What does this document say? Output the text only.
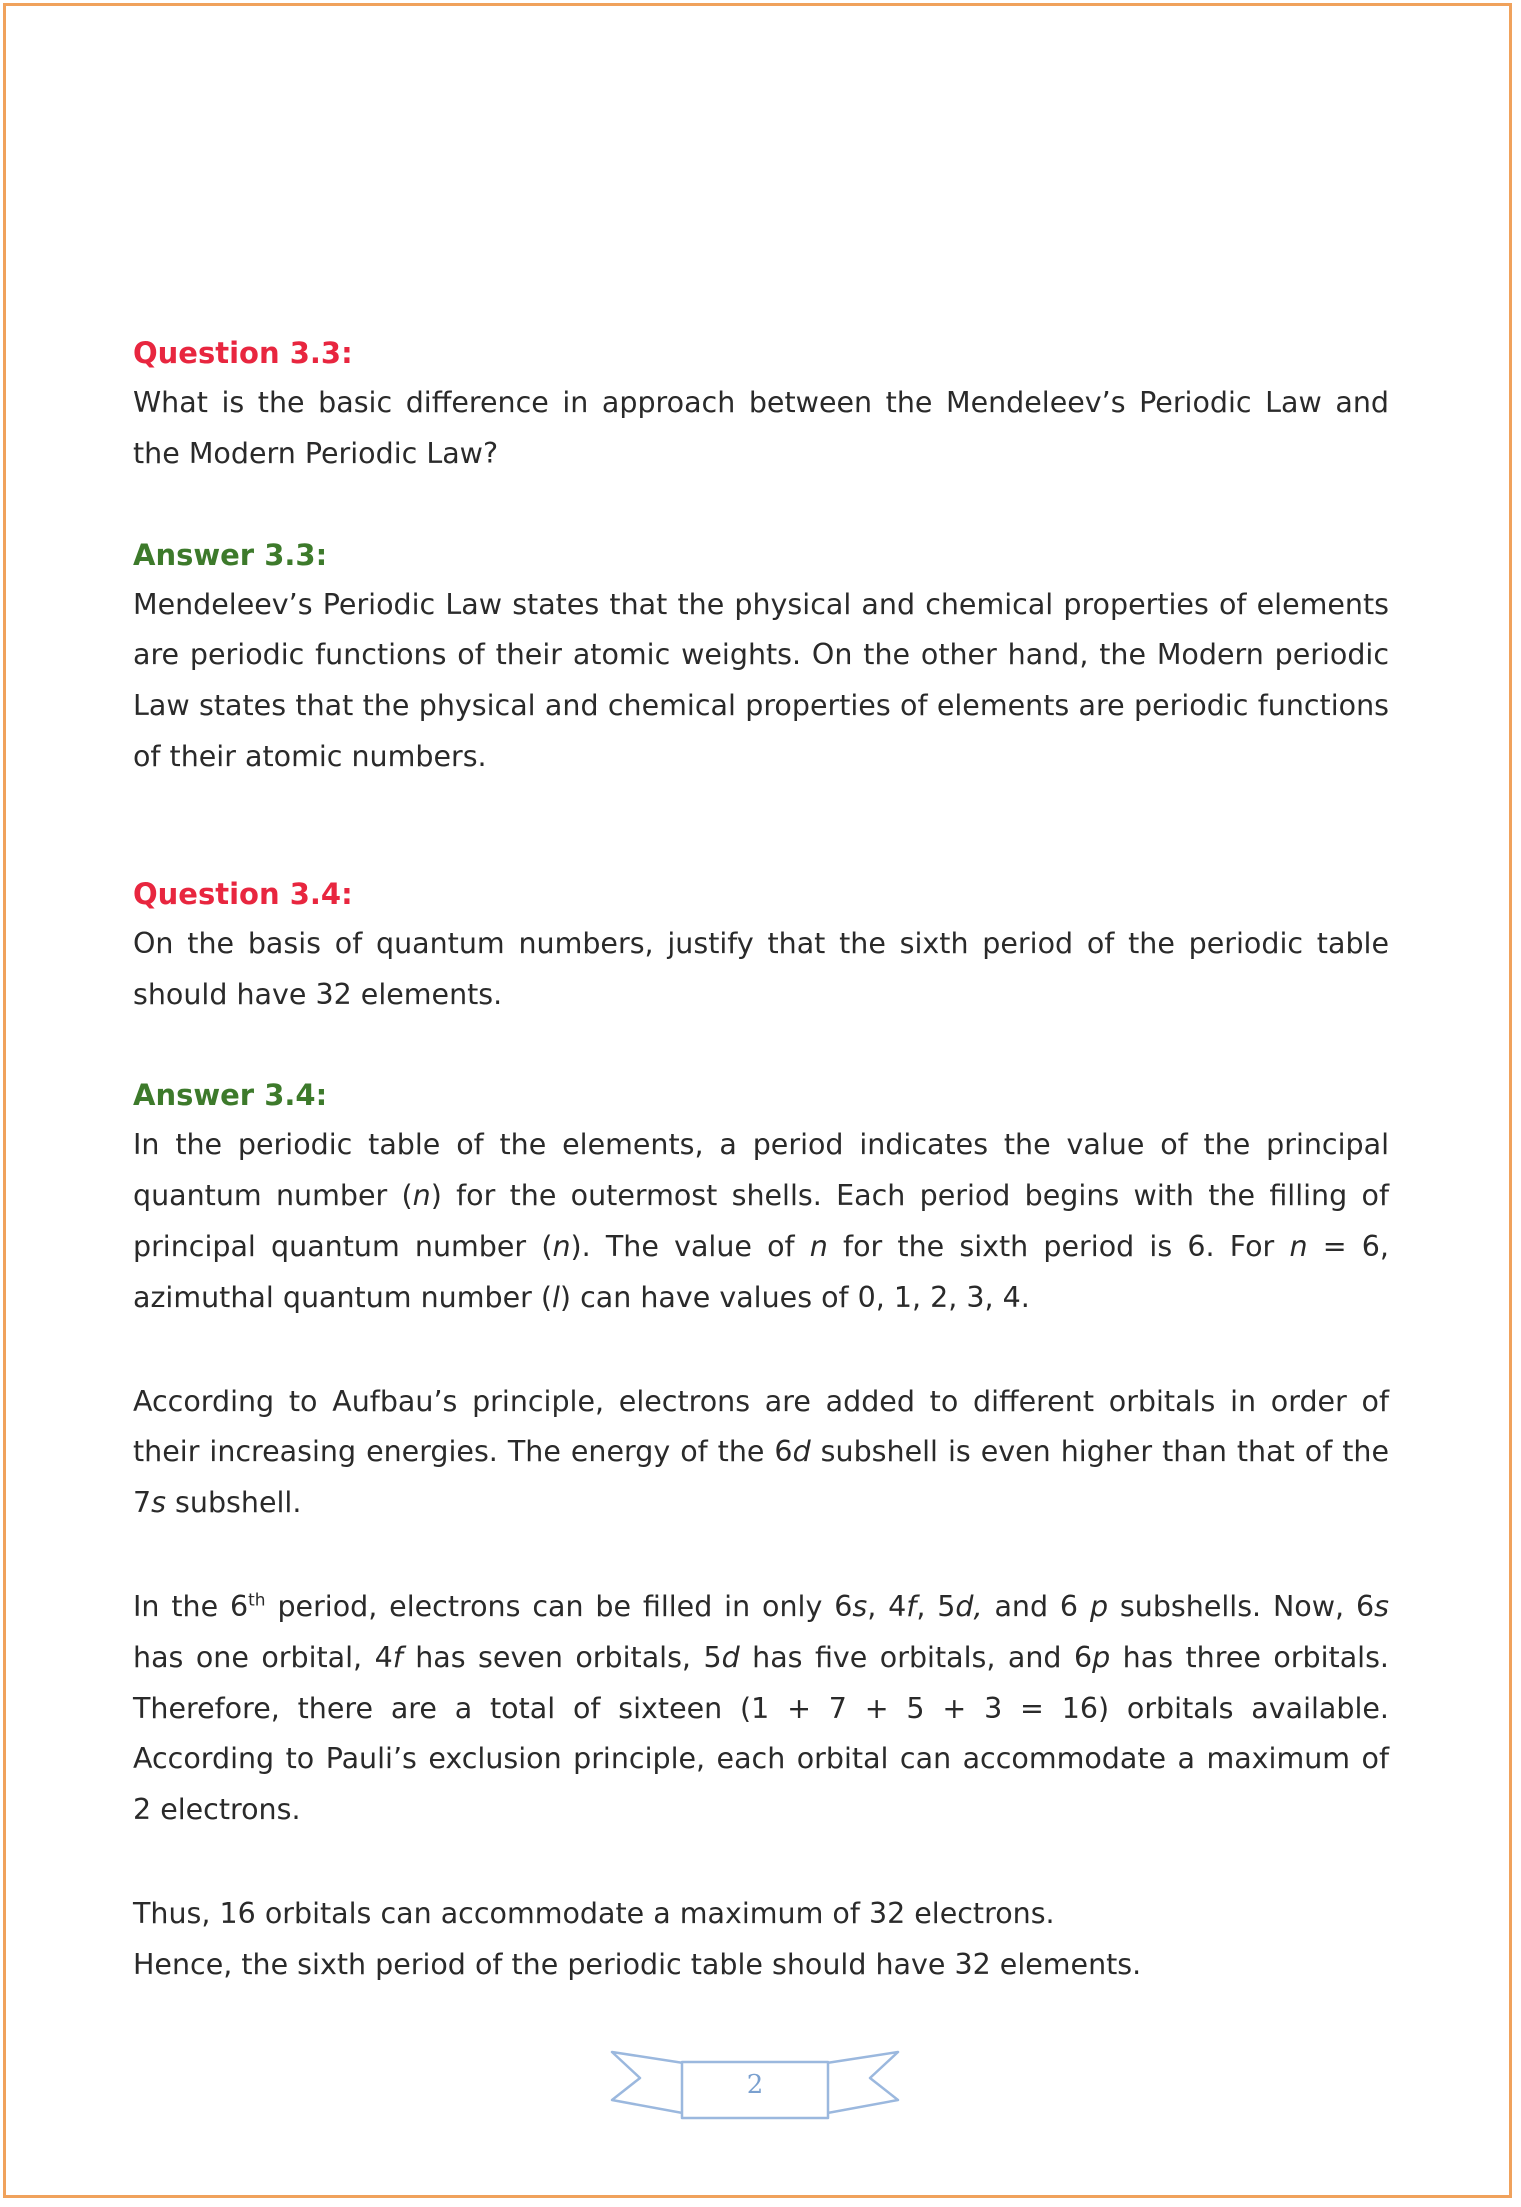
Question 3.3:

What is the basic difference in approach between the Mendeleev’s Periodic Law and the Modern Periodic Law?

Answer 3.3:

Mendeleev’s Periodic Law states that the physical and chemical properties of elements are periodic functions of their atomic weights. On the other hand, the Modern periodic Law states that the physical and chemical properties of elements are periodic functions of their atomic numbers.

Question 3.4:

On the basis of quantum numbers, justify that the sixth period of the periodic table should have 32 elements.

Answer 3.4:

In the periodic table of the elements, a period indicates the value of the principal quantum number (n) for the outermost shells. Each period begins with the filling of principal quantum number (n). The value of n for the sixth period is 6. For n = 6, azimuthal quantum number (l) can have values of 0, 1, 2, 3, 4.

According to Aufbau’s principle, electrons are added to different orbitals in order of their increasing energies. The energy of the 6d subshell is even higher than that of the 7s subshell.

In the 6th period, electrons can be filled in only 6s, 4f, 5d, and 6 p subshells. Now, 6s has one orbital, 4f has seven orbitals, 5d has five orbitals, and 6p has three orbitals. Therefore, there are a total of sixteen (1 + 7 + 5 + 3 = 16) orbitals available. According to Pauli’s exclusion principle, each orbital can accommodate a maximum of 2 electrons.

Thus, 16 orbitals can accommodate a maximum of 32 electrons.

Hence, the sixth period of the periodic table should have 32 elements.

2
